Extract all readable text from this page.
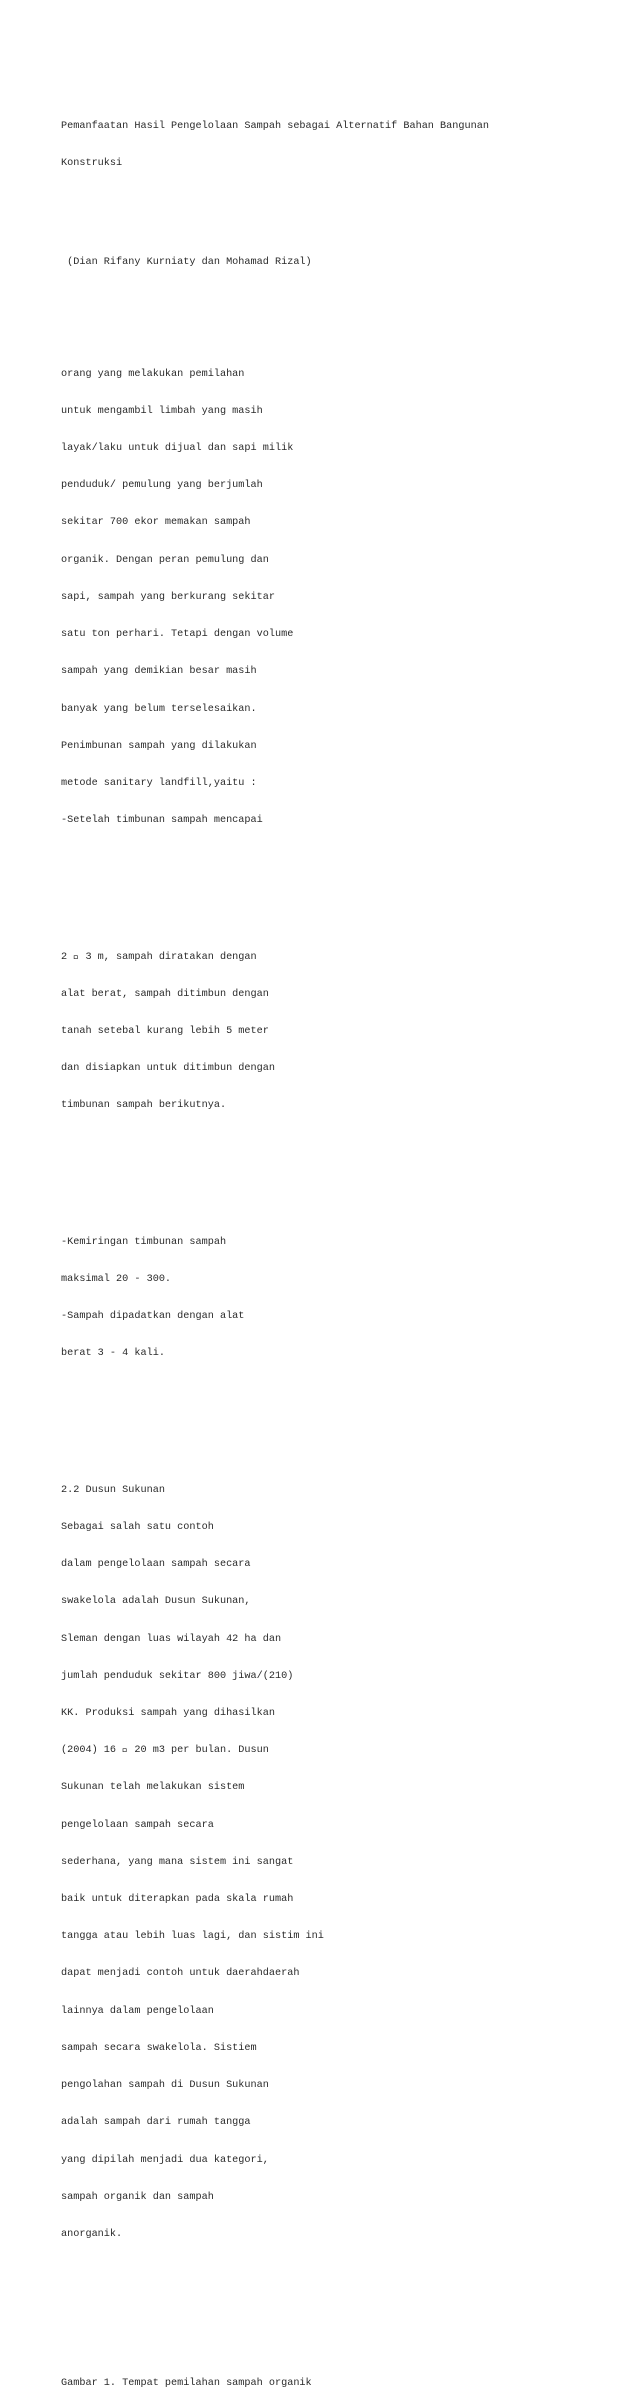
Pemanfaatan Hasil Pengelolaan Sampah sebagai Alternatif Bahan Bangunan

Konstruksi

(Dian Rifany Kurniaty dan Mohamad Rizal)

orang yang melakukan pemilahan

untuk mengambil limbah yang masih

layak/laku untuk dijual dan sapi milik

penduduk/ pemulung yang berjumlah

sekitar 700 ekor memakan sampah

organik. Dengan peran pemulung dan

sapi, sampah yang berkurang sekitar

satu ton perhari. Tetapi dengan volume

sampah yang demikian besar masih

banyak yang belum terselesaikan.

Penimbunan sampah yang dilakukan

metode sanitary landfill,yaitu :

-Setelah timbunan sampah mencapai

2   3 m, sampah diratakan dengan

alat berat, sampah ditimbun dengan

tanah setebal kurang lebih 5 meter

dan disiapkan untuk ditimbun dengan

timbunan sampah berikutnya.

-Kemiringan timbunan sampah

maksimal 20 - 300.

-Sampah dipadatkan dengan alat

berat 3 - 4 kali.

2.2 Dusun Sukunan

Sebagai salah satu contoh

dalam pengelolaan sampah secara

swakelola adalah Dusun Sukunan,

Sleman dengan luas wilayah 42 ha dan

jumlah penduduk sekitar 800 jiwa/(210)

KK. Produksi sampah yang dihasilkan

(2004) 16   20 m3 per bulan. Dusun

Sukunan telah melakukan sistem

pengelolaan sampah secara

sederhana, yang mana sistem ini sangat

baik untuk diterapkan pada skala rumah

tangga atau lebih luas lagi, dan sistim ini

dapat menjadi contoh untuk daerahdaerah

lainnya dalam pengelolaan

sampah secara swakelola. Sistiem

pengolahan sampah di Dusun Sukunan

adalah sampah dari rumah tangga

yang dipilah menjadi dua kategori,

sampah organik dan sampah

anorganik.

Gambar 1. Tempat pemilahan sampah organik
